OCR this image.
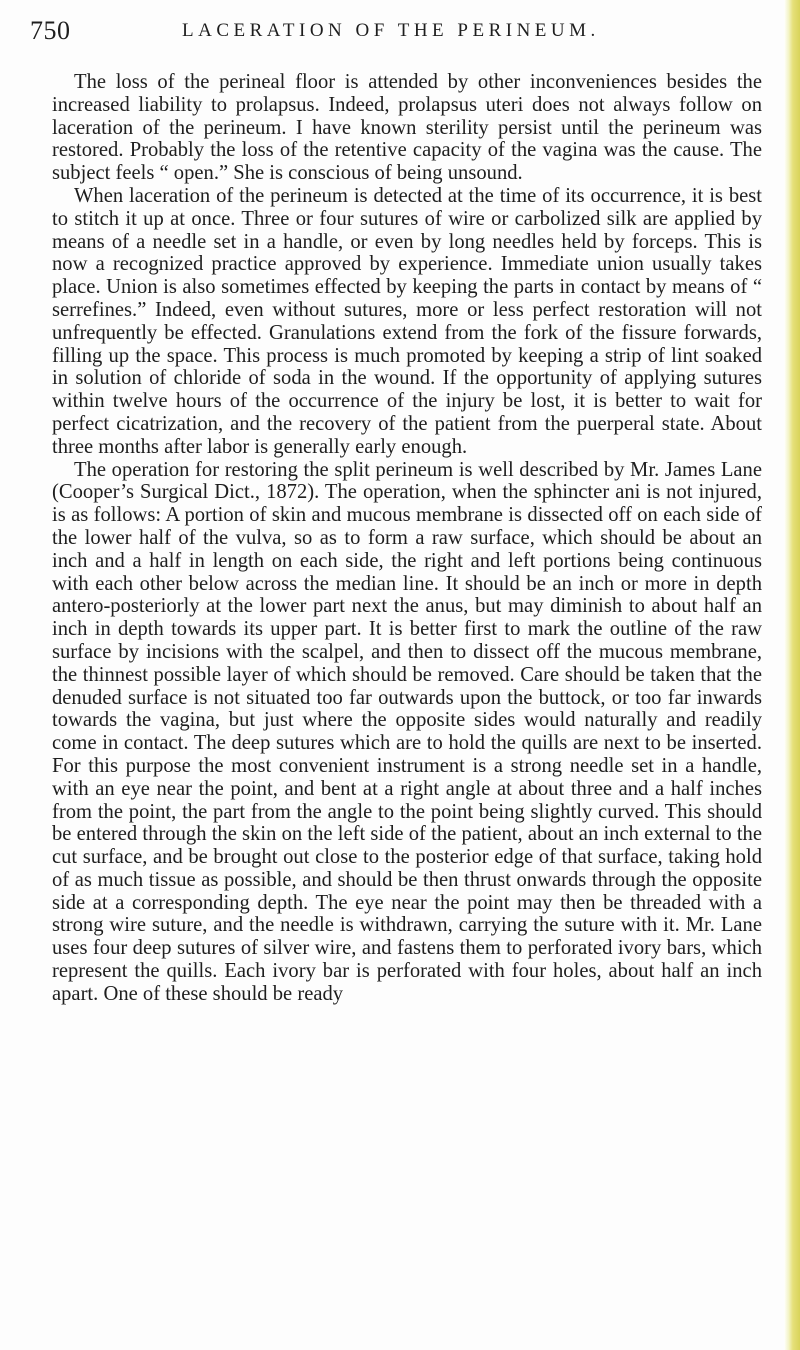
750	LACERATION OF THE PERINEUM.

The loss of the perineal floor is attended by other inconveniences besides the increased liability to prolapsus. Indeed, prolapsus uteri does not always follow on laceration of the perineum. I have known sterility persist until the perineum was restored. Probably the loss of the retentive capacity of the vagina was the cause. The subject feels “ open.” She is conscious of being unsound.

When laceration of the perineum is detected at the time of its occurrence, it is best to stitch it up at once. Three or four sutures of wire or carbolized silk are applied by means of a needle set in a handle, or even by long needles held by forceps. This is now a recognized practice approved by experience. Immediate union usually takes place. Union is also sometimes effected by keeping the parts in contact by means of “ serrefines.” Indeed, even without sutures, more or less perfect restoration will not unfrequently be effected. Granulations extend from the fork of the fissure forwards, filling up the space. This process is much promoted by keeping a strip of lint soaked in solution of chloride of soda in the wound. If the opportunity of applying sutures within twelve hours of the occurrence of the injury be lost, it is better to wait for perfect cicatrization, and the recovery of the patient from the puerperal state. About three months after labor is generally early enough.

The operation for restoring the split perineum is well described by Mr. James Lane (Cooper’s Surgical Dict., 1872). The operation, when the sphincter ani is not injured, is as follows: A portion of skin and mucous membrane is dissected off on each side of the lower half of the vulva, so as to form a raw surface, which should be about an inch and a half in length on each side, the right and left portions being continuous with each other below across the median line. It should be an inch or more in depth antero-posteriorly at the lower part next the anus, but may diminish to about half an inch in depth towards its upper part. It is better first to mark the outline of the raw surface by incisions with the scalpel, and then to dissect off the mucous membrane, the thinnest possible layer of which should be removed. Care should be taken that the denuded surface is not situated too far outwards upon the buttock, or too far inwards towards the vagina, but just where the opposite sides would naturally and readily come in contact. The deep sutures which are to hold the quills are next to be inserted. For this purpose the most convenient instrument is a strong needle set in a handle, with an eye near the point, and bent at a right angle at about three and a half inches from the point, the part from the angle to the point being slightly curved. This should be entered through the skin on the left side of the patient, about an inch external to the cut surface, and be brought out close to the posterior edge of that surface, taking hold of as much tissue as possible, and should be then thrust onwards through the opposite side at a corresponding depth. The eye near the point may then be threaded with a strong wire suture, and the needle is withdrawn, carrying the suture with it. Mr. Lane uses four deep sutures of silver wire, and fastens them to perforated ivory bars, which represent the quills. Each ivory bar is perforated with four holes, about half an inch apart. One of these should be ready
